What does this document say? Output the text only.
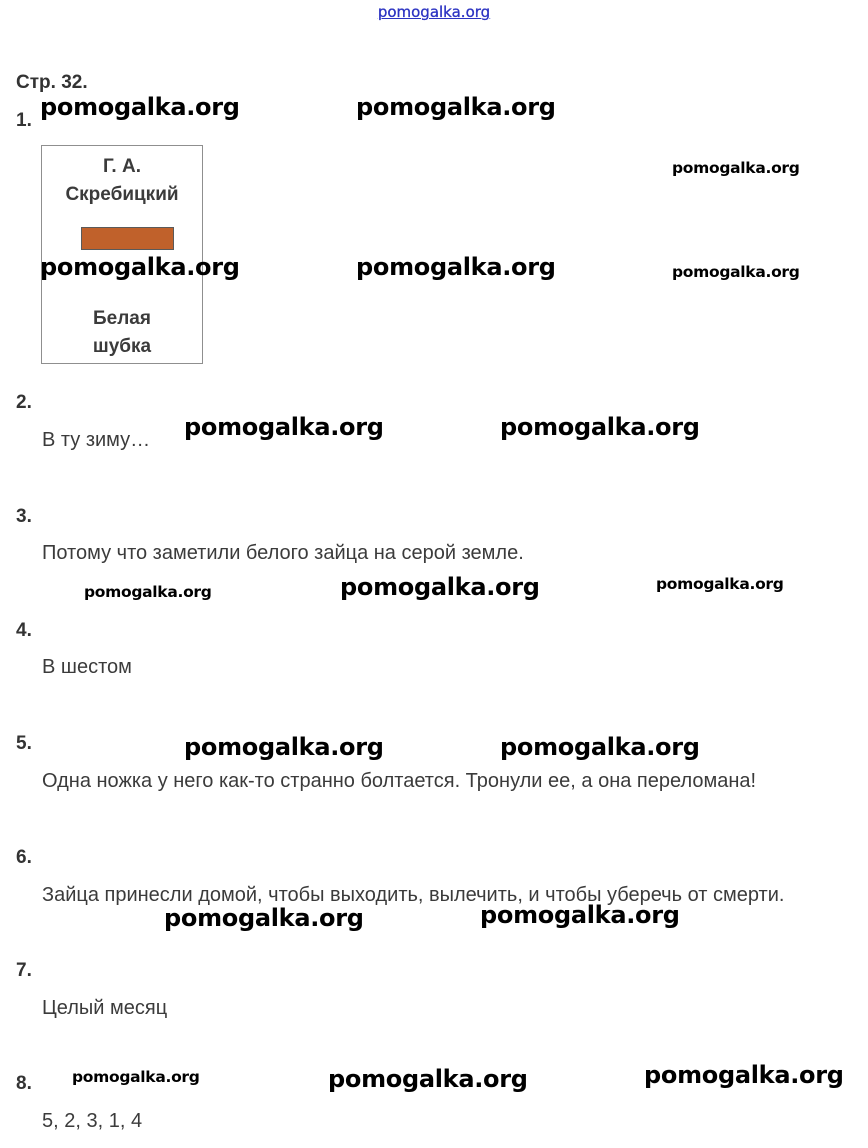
pomogalka.org
Стр. 32.
1.
Г. А.
Скребицкий
Белая
шубка
2.
В ту зиму…
3.
Потому что заметили белого зайца на серой земле.
4.
В шестом
5.
Одна ножка у него как-то странно болтается. Тронули ее, а она переломана!
6.
Зайца принесли домой, чтобы выходить, вылечить, и чтобы уберечь от смерти.
7.
Целый месяц
8.
5, 2, 3, 1, 4
pomogalka.org	pomogalka.org
pomogalka.org
pomogalka.org	pomogalka.org	pomogalka.org
pomogalka.org	pomogalka.org
pomogalka.org	pomogalka.org	pomogalka.org
pomogalka.org	pomogalka.org
pomogalka.org	pomogalka.org
pomogalka.org	pomogalka.org	pomogalka.org
